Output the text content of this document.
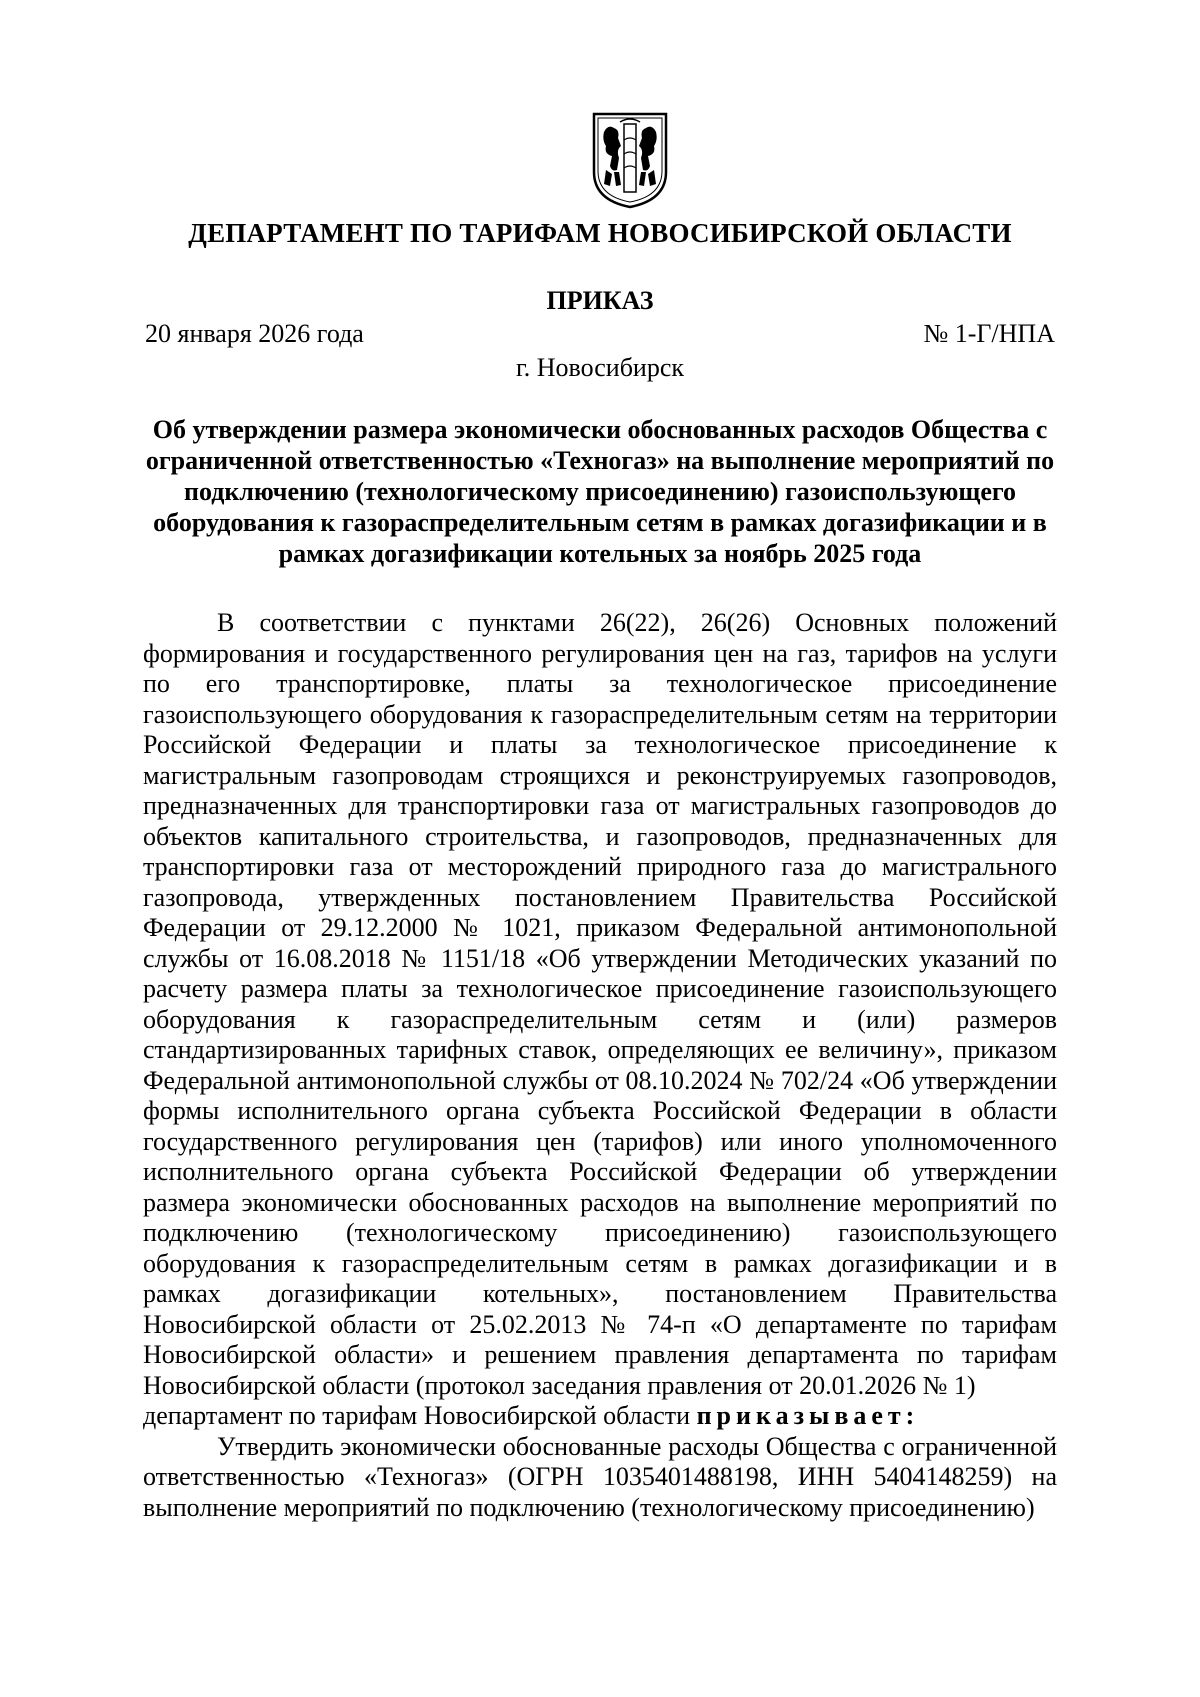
ДЕПАРТАМЕНТ ПО ТАРИФАМ НОВОСИБИРСКОЙ ОБЛАСТИ
ПРИКАЗ
20 января 2026 года	№ 1-Г/НПА
г. Новосибирск

Об утверждении размера экономически обоснованных расходов Общества с ограниченной ответственностью «Техногаз» на выполнение мероприятий по подключению (технологическому присоединению) газоиспользующего оборудования к газораспределительным сетям в рамках догазификации и в рамках догазификации котельных за ноябрь 2025 года

В соответствии с пунктами 26(22), 26(26) Основных положений формирования и государственного регулирования цен на газ, тарифов на услуги по его транспортировке, платы за технологическое присоединение газоиспользующего оборудования к газораспределительным сетям на территории Российской Федерации и платы за технологическое присоединение к магистральным газопроводам строящихся и реконструируемых газопроводов, предназначенных для транспортировки газа от магистральных газопроводов до объектов капитального строительства, и газопроводов, предназначенных для транспортировки газа от месторождений природного газа до магистрального газопровода, утвержденных постановлением Правительства Российской Федерации от 29.12.2000 № 1021, приказом Федеральной антимонопольной службы от 16.08.2018 № 1151/18 «Об утверждении Методических указаний по расчету размера платы за технологическое присоединение газоиспользующего оборудования к газораспределительным сетям и (или) размеров стандартизированных тарифных ставок, определяющих ее величину», приказом Федеральной антимонопольной службы от 08.10.2024 № 702/24 «Об утверждении формы исполнительного органа субъекта Российской Федерации в области государственного регулирования цен (тарифов) или иного уполномоченного исполнительного органа субъекта Российской Федерации об утверждении размера экономически обоснованных расходов на выполнение мероприятий по подключению (технологическому присоединению) газоиспользующего оборудования к газораспределительным сетям в рамках догазификации и в рамках догазификации котельных», постановлением Правительства Новосибирской области от 25.02.2013 № 74-п «О департаменте по тарифам Новосибирской области» и решением правления департамента по тарифам Новосибирской области (протокол заседания правления от 20.01.2026 № 1)

департамент по тарифам Новосибирской области приказывает:

Утвердить экономически обоснованные расходы Общества с ограниченной ответственностью «Техногаз» (ОГРН 1035401488198, ИНН 5404148259) на выполнение мероприятий по подключению (технологическому присоединению)
